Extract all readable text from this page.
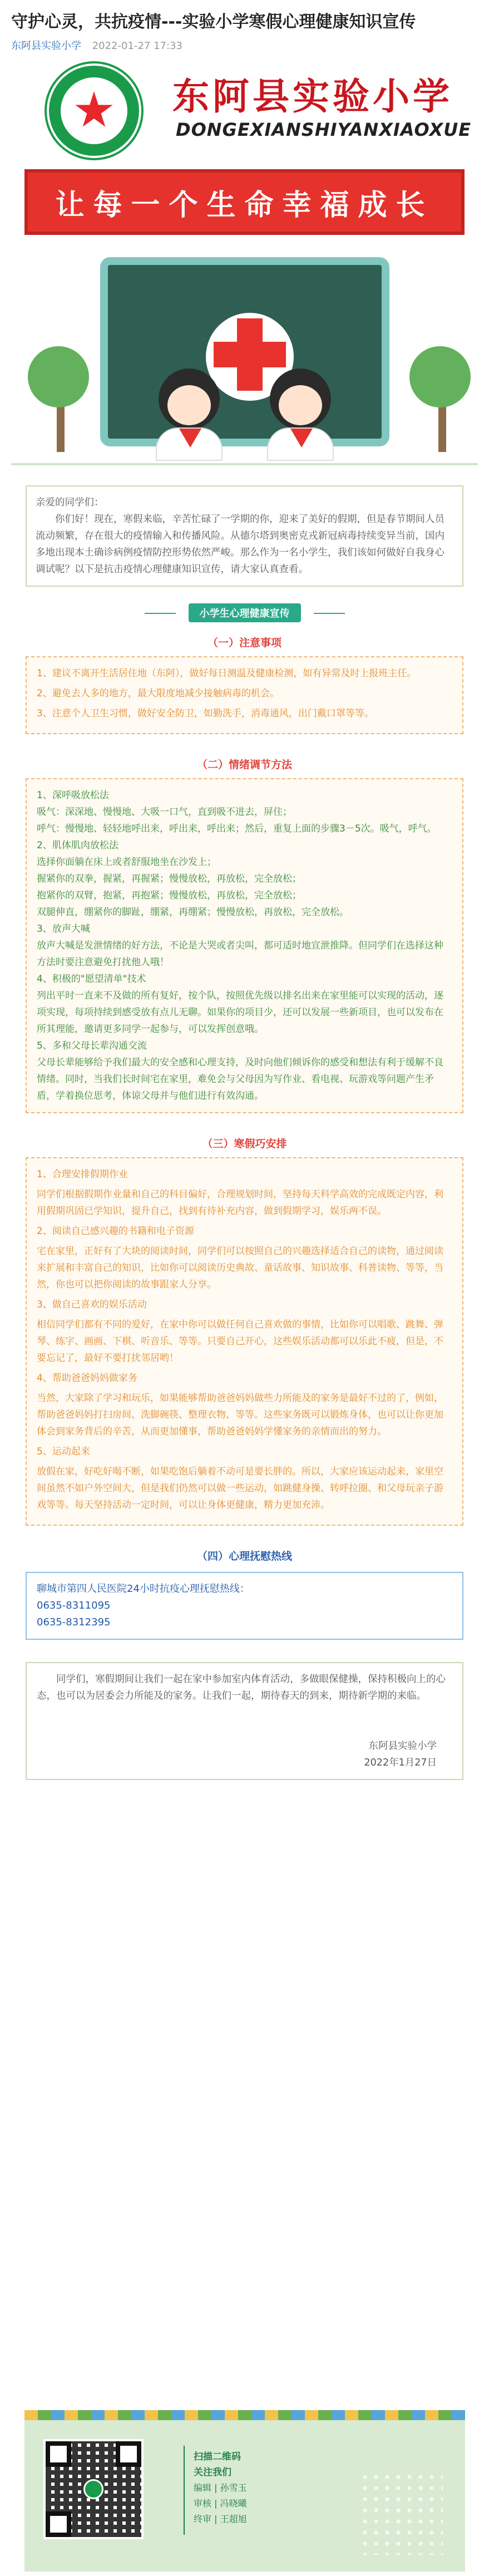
守护心灵，共抗疫情---实验小学寒假心理健康知识宣传
东阿县实验小学 2022-01-27 17:33
东阿县实验小学
DONGEXIANSHIYANXIAOXUE
让每一个生命幸福成长
亲爱的同学们：
你们好！现在，寒假来临，辛苦忙碌了一学期的你，迎来了美好的假期，但是春节期间人员流动频繁，存在很大的疫情输入和传播风险。从德尔塔到奥密克戎新冠病毒持续变异当前，国内多地出现本土确诊病例疫情防控形势依然严峻。那么作为一名小学生，我们该如何做好自我身心调试呢？以下是抗击疫情心理健康知识宣传，请大家认真查看。
小学生心理健康宣传
（一）注意事项

1、建议不离开生活居住地（东阿），做好每日测温及健康检测，如有异常及时上报班主任。

2、避免去人多的地方，最大限度地减少接触病毒的机会。

3、注意个人卫生习惯，做好安全防卫，如勤洗手，消毒通风，出门戴口罩等等。

（二）情绪调节方法

1、深呼吸放松法

吸气：深深地、慢慢地、大吸一口气，直到吸不进去，屏住；

呼气：慢慢地、轻轻地呼出来，呼出来，呼出来；然后，重复上面的步骤3－5次。吸气，呼气。

2、肌体肌肉放松法

选择你面躺在床上或者舒服地坐在沙发上；

握紧你的双拳，握紧，再握紧；慢慢放松，再放松，完全放松；

抱紧你的双臂，抱紧，再抱紧；慢慢放松，再放松，完全放松；

双腿伸直，绷紧你的脚趾，绷紧，再绷紧；慢慢放松，再放松，完全放松。

3、放声大喊

放声大喊是发泄情绪的好方法，不论是大哭或者尖叫，都可适时地宣泄推降。但同学们在选择这种方法时要注意避免打扰他人哦！

4、积极的"愿望清单"技术

列出平时一直来不及做的所有复好，按个队，按照优先级以排名出来在家里能可以实现的活动，逐项实现，每项持续到感受放有点儿无聊。如果你的项目少，还可以发展一些新项目，也可以发布在所其理能，邀请更多同学一起参与，可以发挥创意哦。

5、多和父母长辈沟通交流

父母长辈能够给予我们最大的安全感和心理支持，及时向他们倾诉你的感受和想法有利于缓解不良情绪。同时，当我们长时间宅在家里，难免会与父母因为写作业、看电视、玩游戏等问题产生矛盾，学着换位思考，体谅父母并与他们进行有效沟通。

（三）寒假巧安排

1、合理安排假期作业

同学们根据假期作业量和自己的科目偏好，合理规划时间，坚持每天科学高效的完成既定内容，利用假期巩固已学知识，提升自己，找到有待补充内容，做到假期学习，娱乐两不误。

2、阅读自己感兴趣的书籍和电子资源

宅在家里，正好有了大块的阅读时间，同学们可以按照自己的兴趣选择适合自己的读物，通过阅读来扩展和丰富自己的知识，比如你可以阅读历史典故、童话故事、知识故事、科普读物、等等，当然，你也可以把你阅读的故事跟家人分享。

3、做自己喜欢的娱乐活动

相信同学们都有不同的爱好，在家中你可以做任何自己喜欢做的事情，比如你可以唱歌、跳舞、弹琴、练字、画画、下棋、听音乐、等等。只要自己开心，这些娱乐活动都可以乐此不疲，但是，不要忘记了，最好不要打扰邻居哟！

4、帮助爸爸妈妈做家务

当然，大家除了学习和玩乐，如果能够帮助爸爸妈妈做些力所能及的家务是最好不过的了，例如，帮助爸爸妈妈打扫房间、洗脚碗筷、整理衣物、等等。这些家务既可以锻炼身体，也可以让你更加体会到家务背后的辛苦，从而更加懂事，帮助爸爸妈妈学懂家务的亲情而出的努力。

5、运动起来

放假在家，好吃好喝不断，如果吃饱后躺着不动可是要长胖的。所以，大家应该运动起来，家里空间虽然不如户外空间大，但是我们仍然可以做一些运动，如跳健身操、转呼拉圈、和父母玩亲子游戏等等。每天坚持活动一定时间，可以让身体更健康，精力更加充沛。

（四）心理抚慰热线
聊城市第四人民医院24小时抗疫心理抚慰热线：
0635-8311095
0635-8312395
同学们，寒假期间让我们一起在家中参加室内体育活动，多做眼保健操，保持积极向上的心态，也可以为居委会力所能及的家务。让我们一起，期待春天的到来，期待新学期的来临。
东阿县实验小学
2022年1月27日
扫描二维码
关注我们
编辑 | 孙雪玉
审核 | 冯晓曦
终审 | 王超旭
